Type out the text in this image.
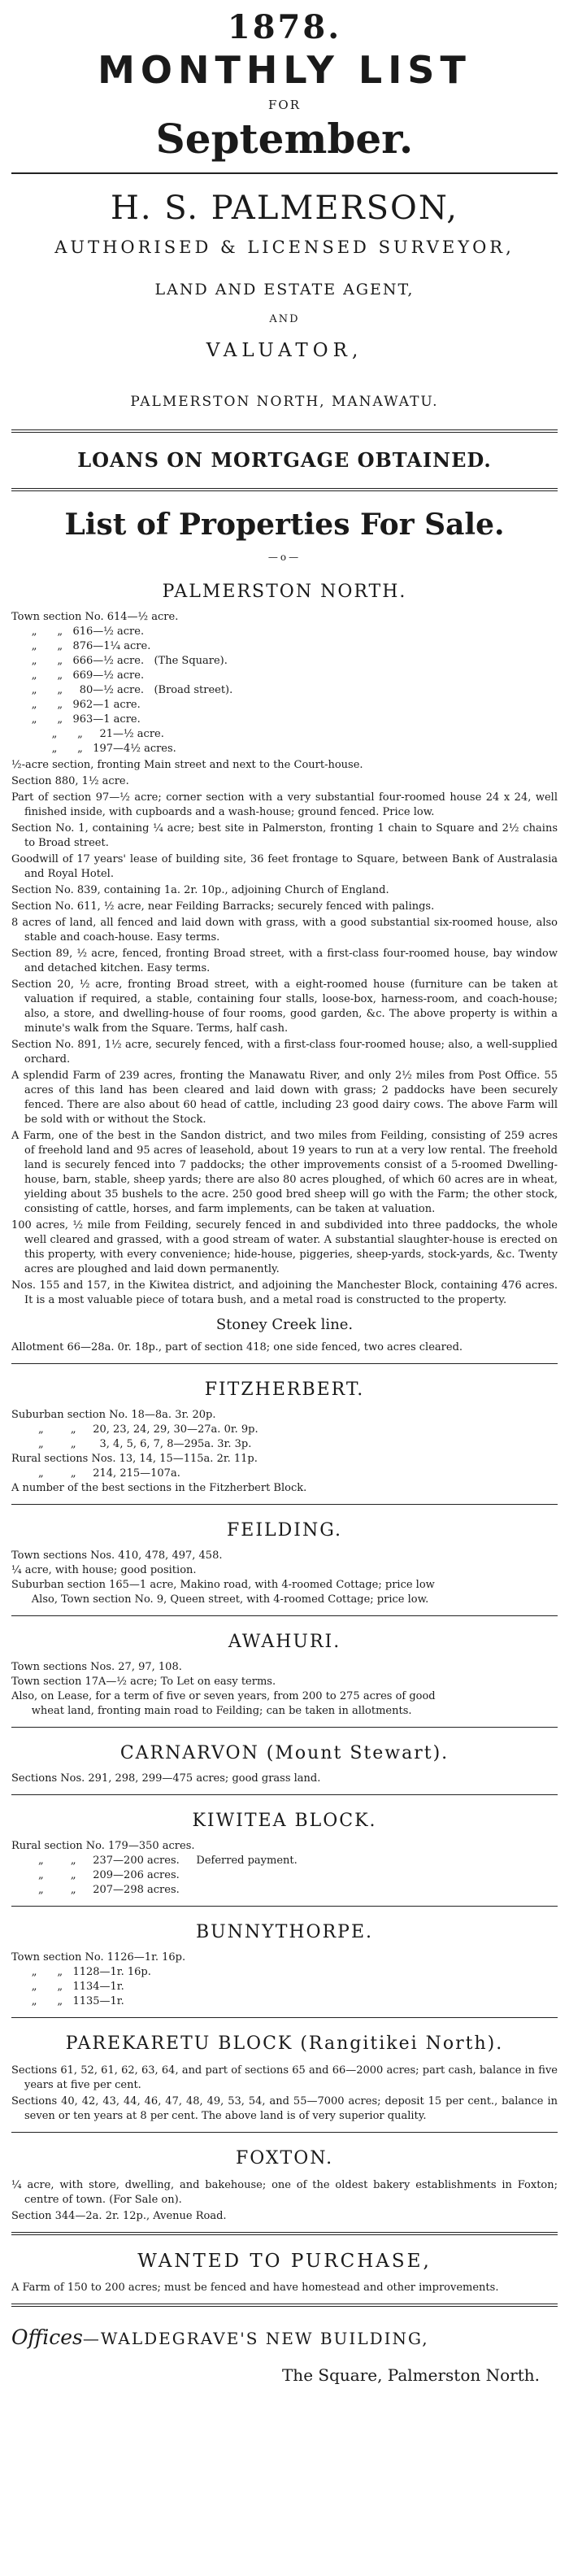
1878.
MONTHLY LIST
FOR
September.
H. S. PALMERSON,
AUTHORISED & LICENSED SURVEYOR,
LAND AND ESTATE AGENT,
AND
VALUATOR,
PALMERSTON NORTH, MANAWATU.
LOANS ON MORTGAGE OBTAINED.
List of Properties For Sale.
—o—
PALMERSTON NORTH.
Town section No. 614—½ acre.
„      „   616—½ acre.
„      „   876—1¼ acre.
„      „   666—½ acre.   (The Square).
„      „   669—½ acre.
„      „     80—½ acre.   (Broad street).
„      „   962—1 acre.
„      „   963—1 acre.
„      „     21—½ acre.
„      „   197—4½ acres.
½-acre section, fronting Main street and next to the Court-house.
Section 880, 1½ acre.
Part of section 97—½ acre; corner section with a very substantial four-roomed house 24 x 24, well finished inside, with cupboards and a wash-house; ground fenced. Price low.
Section No. 1, containing ¼ acre; best site in Palmerston, fronting 1 chain to Square and 2½ chains to Broad street.
Goodwill of 17 years' lease of building site, 36 feet frontage to Square, between Bank of Australasia and Royal Hotel.
Section No. 839, containing 1a. 2r. 10p., adjoining Church of England.
Section No. 611, ½ acre, near Feilding Barracks; securely fenced with palings.
8 acres of land, all fenced and laid down with grass, with a good substantial six-roomed house, also stable and coach-house. Easy terms.
Section 89, ½ acre, fenced, fronting Broad street, with a first-class four-roomed house, bay window and detached kitchen. Easy terms.
Section 20, ½ acre, fronting Broad street, with a eight-roomed house (furniture can be taken at valuation if required, a stable, containing four stalls, loose-box, harness-room, and coach-house; also, a store, and dwelling-house of four rooms, good garden, &c. The above property is within a minute's walk from the Square. Terms, half cash.
Section No. 891, 1½ acre, securely fenced, with a first-class four-roomed house; also, a well-supplied orchard.
A splendid Farm of 239 acres, fronting the Manawatu River, and only 2½ miles from Post Office. 55 acres of this land has been cleared and laid down with grass; 2 paddocks have been securely fenced. There are also about 60 head of cattle, including 23 good dairy cows. The above Farm will be sold with or without the Stock.
A Farm, one of the best in the Sandon district, and two miles from Feilding, consisting of 259 acres of freehold land and 95 acres of leasehold, about 19 years to run at a very low rental. The freehold land is securely fenced into 7 paddocks; the other improvements consist of a 5-roomed Dwelling-house, barn, stable, sheep yards; there are also 80 acres ploughed, of which 60 acres are in wheat, yielding about 35 bushels to the acre. 250 good bred sheep will go with the Farm; the other stock, consisting of cattle, horses, and farm implements, can be taken at valuation.
100 acres, ½ mile from Feilding, securely fenced in and subdivided into three paddocks, the whole well cleared and grassed, with a good stream of water. A substantial slaughter-house is erected on this property, with every convenience; hide-house, piggeries, sheep-yards, stock-yards, &c. Twenty acres are ploughed and laid down permanently.
Nos. 155 and 157, in the Kiwitea district, and adjoining the Manchester Block, containing 476 acres. It is a most valuable piece of totara bush, and a metal road is constructed to the property.
Stoney Creek line.
Allotment 66—28a. 0r. 18p., part of section 418; one side fenced, two acres cleared.
FITZHERBERT.
Suburban section No. 18—8a. 3r. 20p.
„        „     20, 23, 24, 29, 30—27a. 0r. 9p.
„        „       3, 4, 5, 6, 7, 8—295a. 3r. 3p.
Rural sections Nos. 13, 14, 15—115a. 2r. 11p.
„        „     214, 215—107a.
A number of the best sections in the Fitzherbert Block.
FEILDING.
Town sections Nos. 410, 478, 497, 458.
¼ acre, with house; good position.
Suburban section 165—1 acre, Makino road, with 4-roomed Cottage; price low
Also, Town section No. 9, Queen street, with 4-roomed Cottage; price low.
AWAHURI.
Town sections Nos. 27, 97, 108.
Town section 17A—½ acre; To Let on easy terms.
Also, on Lease, for a term of five or seven years, from 200 to 275 acres of good
wheat land, fronting main road to Feilding; can be taken in allotments.
CARNARVON (Mount Stewart).
Sections Nos. 291, 298, 299—475 acres; good grass land.
KIWITEA BLOCK.
Rural section No. 179—350 acres.
„        „     237—200 acres.     Deferred payment.
„        „     209—206 acres.
„        „     207—298 acres.
BUNNYTHORPE.
Town section No. 1126—1r. 16p.
„      „   1128—1r. 16p.
„      „   1134—1r.
„      „   1135—1r.
PAREKARETU BLOCK (Rangitikei North).
Sections 61, 52, 61, 62, 63, 64, and part of sections 65 and 66—2000 acres; part cash, balance in five years at five per cent.
Sections 40, 42, 43, 44, 46, 47, 48, 49, 53, 54, and 55—7000 acres; deposit 15 per cent., balance in seven or ten years at 8 per cent. The above land is of very superior quality.
FOXTON.
¼ acre, with store, dwelling, and bakehouse; one of the oldest bakery establishments in Foxton; centre of town. (For Sale on).
Section 344—2a. 2r. 12p., Avenue Road.
WANTED TO PURCHASE,
A Farm of 150 to 200 acres; must be fenced and have homestead and other improvements.
Offices—WALDEGRAVE'S NEW BUILDING,
The Square, Palmerston North.
